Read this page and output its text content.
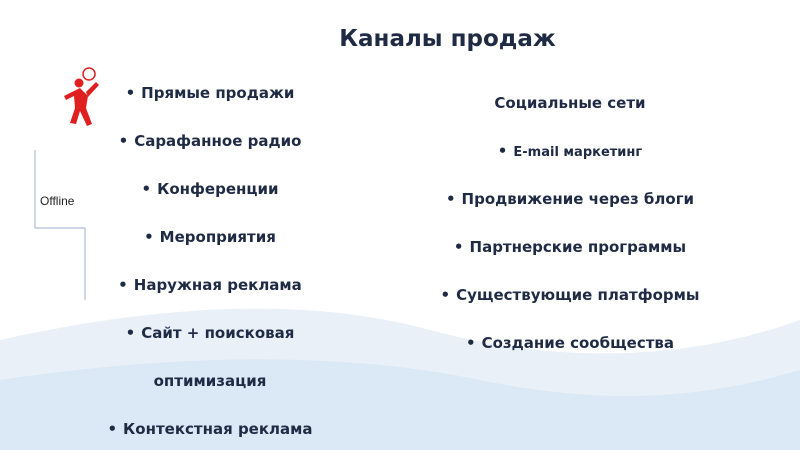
Каналы продаж
Offline
• Прямые продажи
• Сарафанное радио
• Конференции
• Мероприятия
• Наружная реклама
• Сайт + поисковая
оптимизация
• Контекстная реклама
Социальные сети
• E-mail маркетинг
• Продвижение через блоги
• Партнерские программы
• Существующие платформы
• Создание сообщества
